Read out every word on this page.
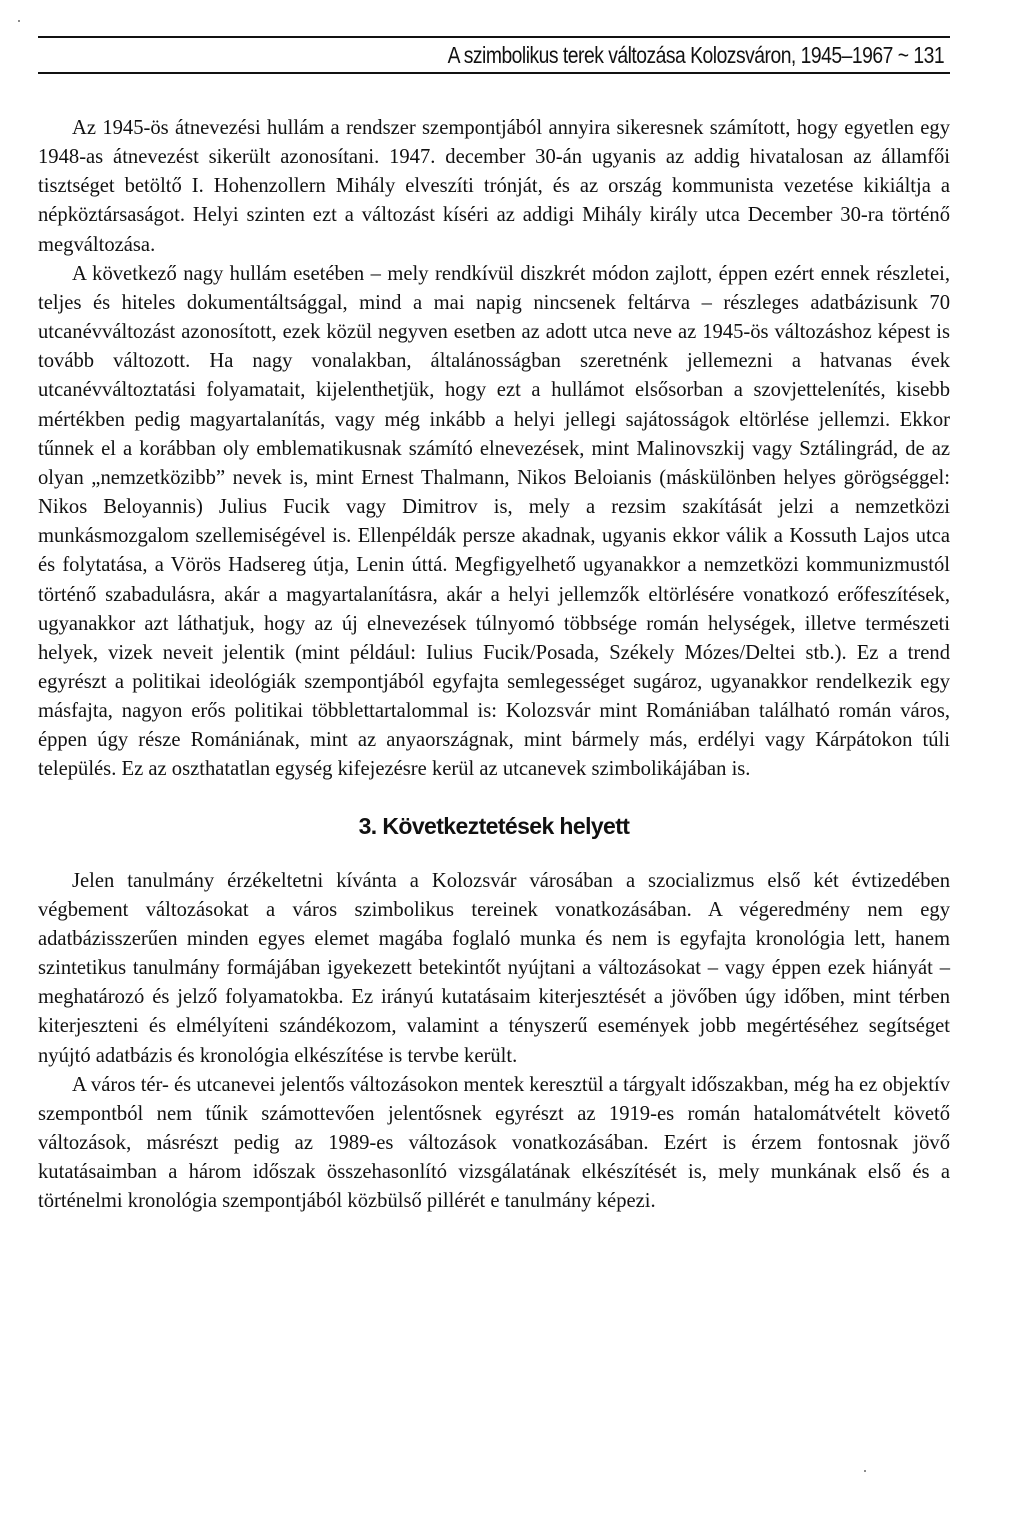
A szimbolikus terek változása Kolozsváron, 1945–1967 ~ 131

Az 1945-ös átnevezési hullám a rendszer szempontjából annyira sikeresnek számított, hogy egyetlen egy 1948-as átnevezést sikerült azonosítani. 1947. december 30-án ugyanis az addig hivatalosan az államfői tisztséget betöltő I. Hohenzollern Mihály elveszíti trónját, és az ország kommunista vezetése kikiáltja a népköztársaságot. Helyi szinten ezt a változást kíséri az addigi Mihály király utca December 30-ra történő megváltozása.

A következő nagy hullám esetében – mely rendkívül diszkrét módon zajlott, éppen ezért ennek részletei, teljes és hiteles dokumentáltsággal, mind a mai napig nincsenek feltárva – részleges adatbázisunk 70 utcanévváltozást azonosított, ezek közül negyven esetben az adott utca neve az 1945-ös változáshoz képest is tovább változott. Ha nagy vonalakban, általánosságban szeretnénk jellemezni a hatvanas évek utcanévváltoztatási folyamatait, kijelenthetjük, hogy ezt a hullámot elsősorban a szovjettelenítés, kisebb mértékben pedig magyartalanítás, vagy még inkább a helyi jellegi sajátosságok eltörlése jellemzi. Ekkor tűnnek el a korábban oly emblematikusnak számító elnevezések, mint Malinovszkij vagy Sztálingrád, de az olyan „nemzetközibb” nevek is, mint Ernest Thalmann, Nikos Beloianis (máskülönben helyes görögséggel: Nikos Beloyannis) Julius Fucik vagy Dimitrov is, mely a rezsim szakítását jelzi a nemzetközi munkásmozgalom szellemiségével is. Ellenpéldák persze akadnak, ugyanis ekkor válik a Kossuth Lajos utca és folytatása, a Vörös Hadsereg útja, Lenin úttá. Megfigyelhető ugyanakkor a nemzetközi kommunizmustól történő szabadulásra, akár a magyartalanításra, akár a helyi jellemzők eltörlésére vonatkozó erőfeszítések, ugyanakkor azt láthatjuk, hogy az új elnevezések túlnyomó többsége román helységek, illetve természeti helyek, vizek neveit jelentik (mint például: Iulius Fucik/Posada, Székely Mózes/Deltei stb.). Ez a trend egyrészt a politikai ideológiák szempontjából egyfajta semlegességet sugároz, ugyanakkor rendelkezik egy másfajta, nagyon erős politikai többlettartalommal is: Kolozsvár mint Romániában található román város, éppen úgy része Romániának, mint az anyaországnak, mint bármely más, erdélyi vagy Kárpátokon túli település. Ez az oszthatatlan egység kifejezésre kerül az utcanevek szimbolikájában is.

3. Következtetések helyett

Jelen tanulmány érzékeltetni kívánta a Kolozsvár városában a szocializmus első két évtizedében végbement változásokat a város szimbolikus tereinek vonatkozásában. A végeredmény nem egy adatbázisszerűen minden egyes elemet magába foglaló munka és nem is egyfajta kronológia lett, hanem szintetikus tanulmány formájában igyekezett betekintőt nyújtani a változásokat – vagy éppen ezek hiányát – meghatározó és jelző folyamatokba. Ez irányú kutatásaim kiterjesztését a jövőben úgy időben, mint térben kiterjeszteni és elmélyíteni szándékozom, valamint a tényszerű események jobb megértéséhez segítséget nyújtó adatbázis és kronológia elkészítése is tervbe került.

A város tér- és utcanevei jelentős változásokon mentek keresztül a tárgyalt időszakban, még ha ez objektív szempontból nem tűnik számottevően jelentősnek egyrészt az 1919-es román hatalomátvételt követő változások, másrészt pedig az 1989-es változások vonatkozásában. Ezért is érzem fontosnak jövő kutatásaimban a három időszak összehasonlító vizsgálatának elkészítését is, mely munkának első és a történelmi kronológia szempontjából közbülső pillérét e tanulmány képezi.
